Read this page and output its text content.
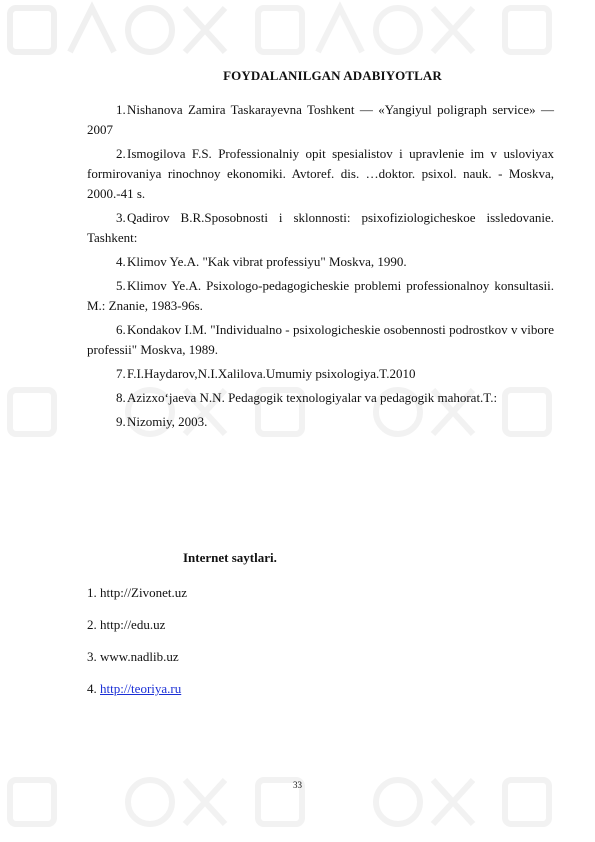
FOYDALANILGAN ADABIYOTLAR
1.Nishanova Zamira Taskarayevna Toshkent — «Yangiyul poligraph service» — 2007
2.Ismogilova F.S. Professionalniy opit spesialistov i upravlenie im v usloviyax formirovaniya rinochnoy ekonomiki. Avtoref. dis. …doktor. psixol. nauk. - Moskva, 2000.-41 s.
3.Qadirov B.R.Sposobnosti i sklonnosti: psixofiziologicheskoe issledovanie. Tashkent:
4.Klimov Ye.A. "Kak vibrat professiyu" Moskva, 1990.
5.Klimov Ye.A. Psixologo-pedagogicheskie problemi professionalnoy konsultasii. M.: Znanie, 1983-96s.
6.Kondakov I.M. "Individualno - psixologicheskie osobennosti podrostkov v vibore professii" Moskva, 1989.
7.F.I.Haydarov,N.I.Xalilova.Umumiy psixologiya.T.2010
8.Azizxo‘jaeva N.N. Pedagogik texnologiyalar va pedagogik mahorat.T.:
9.Nizomiy, 2003.
Internet saytlari.
1. http://Zivonet.uz
2. http://edu.uz
3. www.nadlib.uz
4. http://teoriya.ru
33
